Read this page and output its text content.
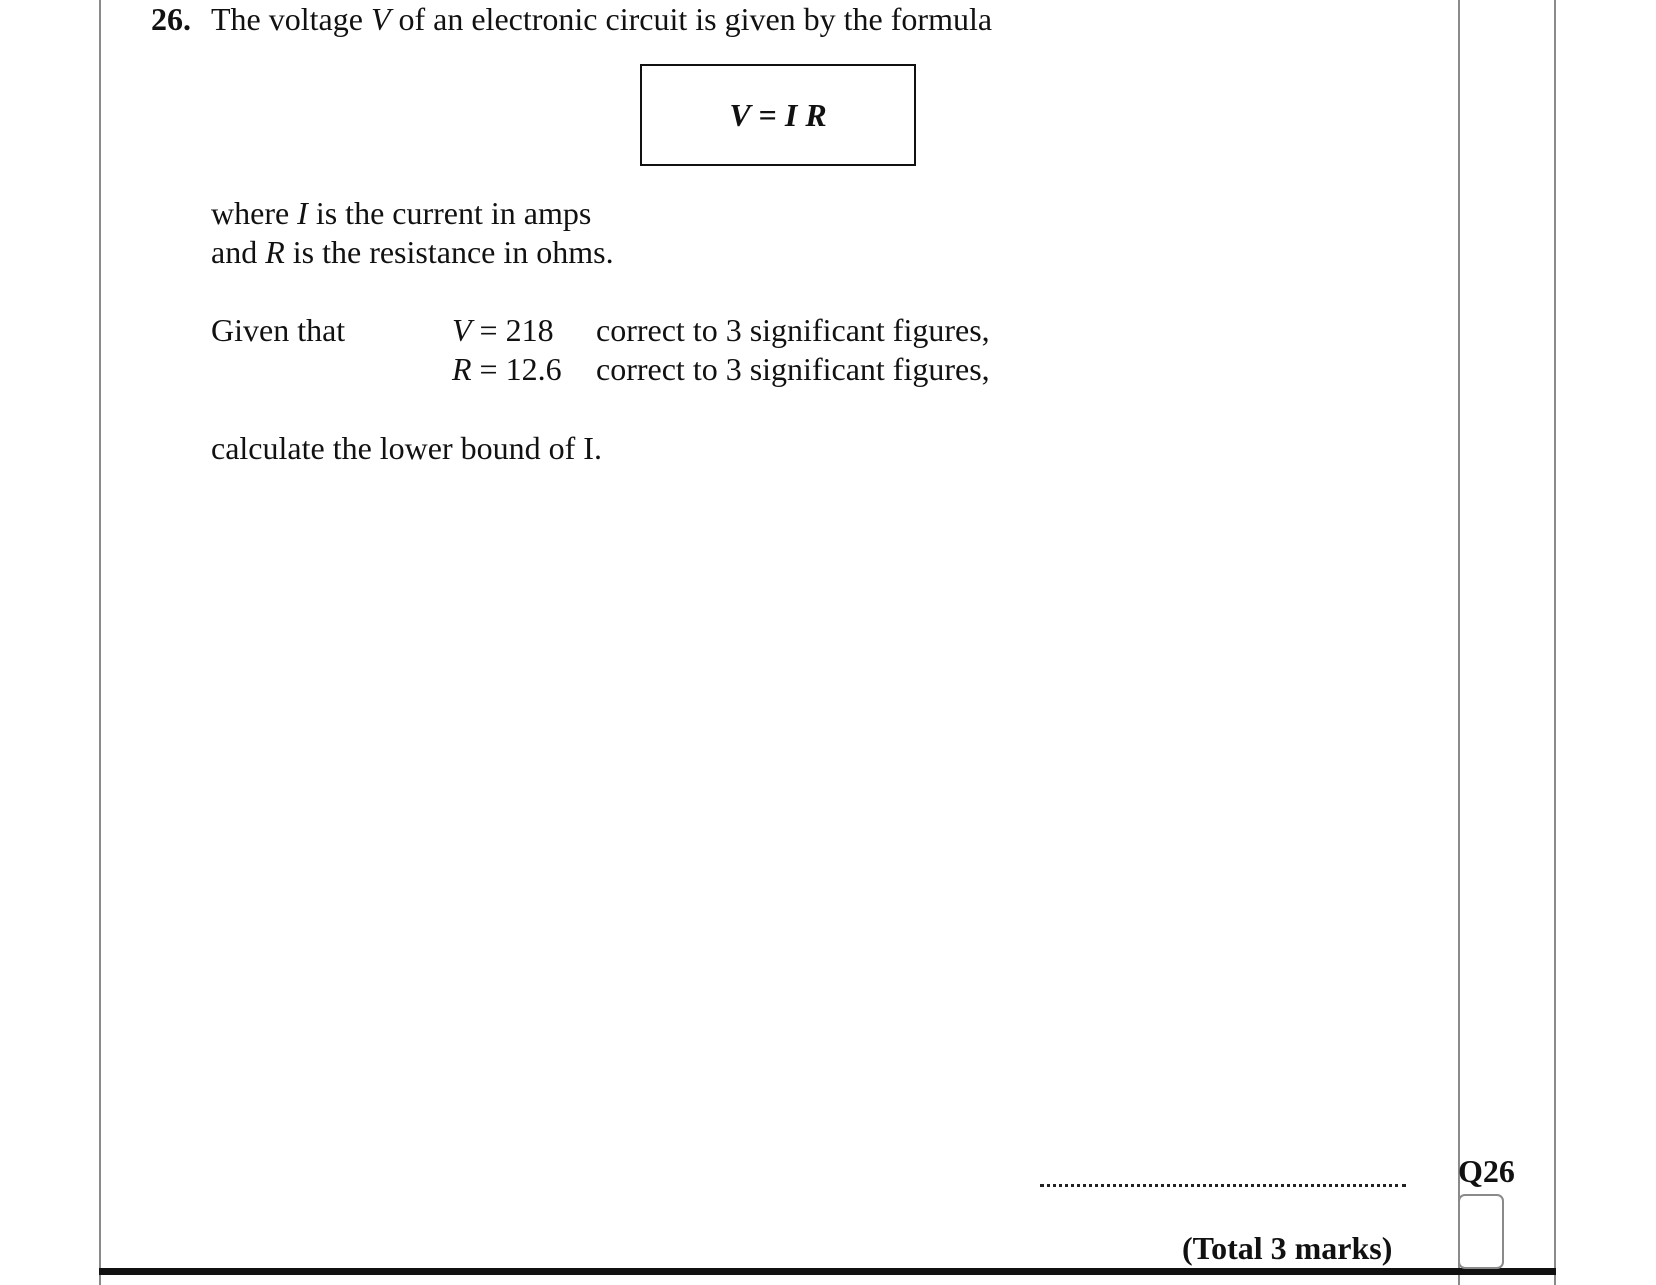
26. The voltage V of an electronic circuit is given by the formula
V = I R
where I is the current in amps
and R is the resistance in ohms.
Given that	V = 218 correct to 3 significant figures,
R = 12.6 correct to 3 significant figures,
calculate the lower bound of I.
(Total 3 marks)
Q26
